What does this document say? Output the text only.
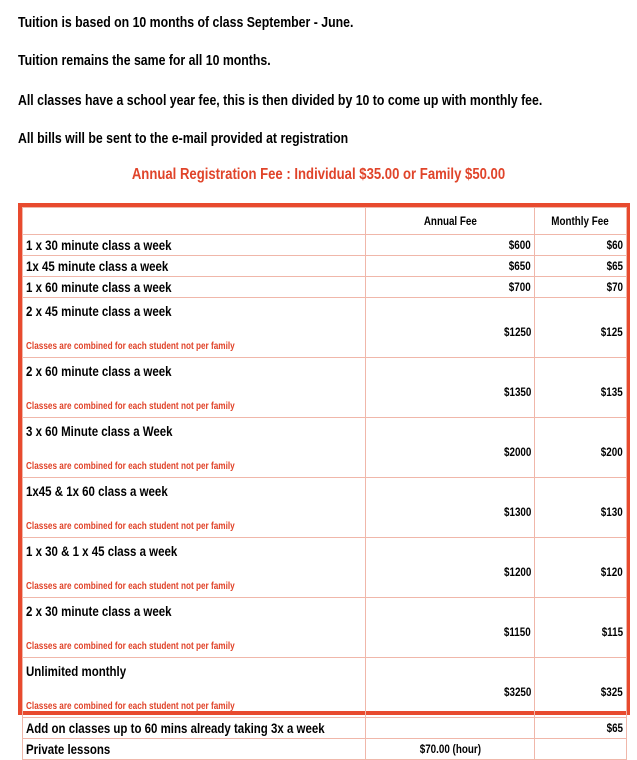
Tuition is based on 10 months of class September - June.
Tuition remains the same for all 10 months.
All classes have a school year fee, this is then divided by 10 to come up with monthly fee.
All bills will be sent to the e-mail provided at registration
Annual Registration Fee : Individual $35.00 or Family $50.00
	Annual Fee	Monthly Fee
1 x 30 minute class a week	$600	$60
1x 45 minute class a week	$650	$65
1 x 60 minute class a week	$700	$70

2 x 45 minute class a week
Classes are combined for each student not per family	$1250	$125

2 x 60 minute class a week
Classes are combined for each student not per family	$1350	$135

3 x 60 Minute class a Week
Classes are combined for each student not per family	$2000	$200

1x45 & 1x 60 class a week
Classes are combined for each student not per family	$1300	$130

1 x 30 & 1 x 45 class a week
Classes are combined for each student not per family	$1200	$120

2 x 30 minute class a week
Classes are combined for each student not per family	$1150	$115

Unlimited monthly
Classes are combined for each student not per family	$3250	$325
Add on classes up to 60 mins already taking 3x a week		$65
Private lessons	$70.00 (hour)	
